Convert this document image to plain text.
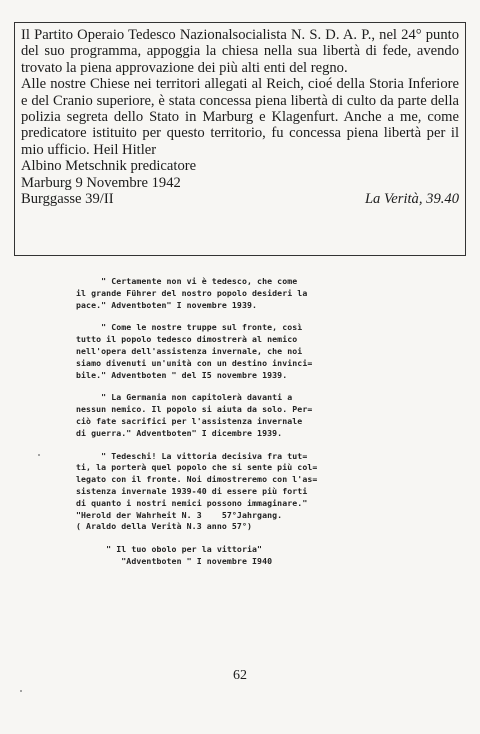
Il Partito Operaio Tedesco Nazionalsocialista N. S. D. A. P., nel 24° punto del suo programma, appoggia la chiesa nella sua libertà di fede, avendo trovato la piena approvazione dei più alti enti del regno.

Alle nostre Chiese nei territori allegati al Reich, cioé della Storia Inferiore e del Cranio superiore, è stata concessa piena libertà di culto da parte della polizia segreta dello Stato in Marburg e Klagenfurt. Anche a me, come predicatore istituito per questo territorio, fu concessa piena libertà per il mio ufficio. Heil Hitler

Albino Metschnik predicatore

Marburg 9 Novembre 1942

Burggasse 39/II	La Verità, 39.40
" Certamente non vi è tedesco, che come
il grande Führer del nostro popolo desideri la
pace." Adventboten" I novembre 1939.
" Come le nostre truppe sul fronte, così
tutto il popolo tedesco dimostrerà al nemico
nell'opera dell'assistenza invernale, che noi
siamo divenuti un'unità con un destino invinci=
bile." Adventboten " del I5 novembre 1939.
" La Germania non capitolerà davanti a
nessun nemico. Il popolo si aiuta da solo. Per=
ciò fate sacrifici per l'assistenza invernale
di guerra." Adventboten" I dicembre 1939.
" Tedeschi! La vittoria decisiva fra tut=
ti, la porterà quel popolo che si sente più col=
legato con il fronte. Noi dimostreremo con l'as=
sistenza invernale 1939-40 di essere più forti
di quanto i nostri nemici possono immaginare."
"Herold der Wahrheit N. 3    57°Jahrgang.
( Araldo della Verità N.3 anno 57°)
" Il tuo obolo per la vittoria"
"Adventboten " I novembre I940
62
